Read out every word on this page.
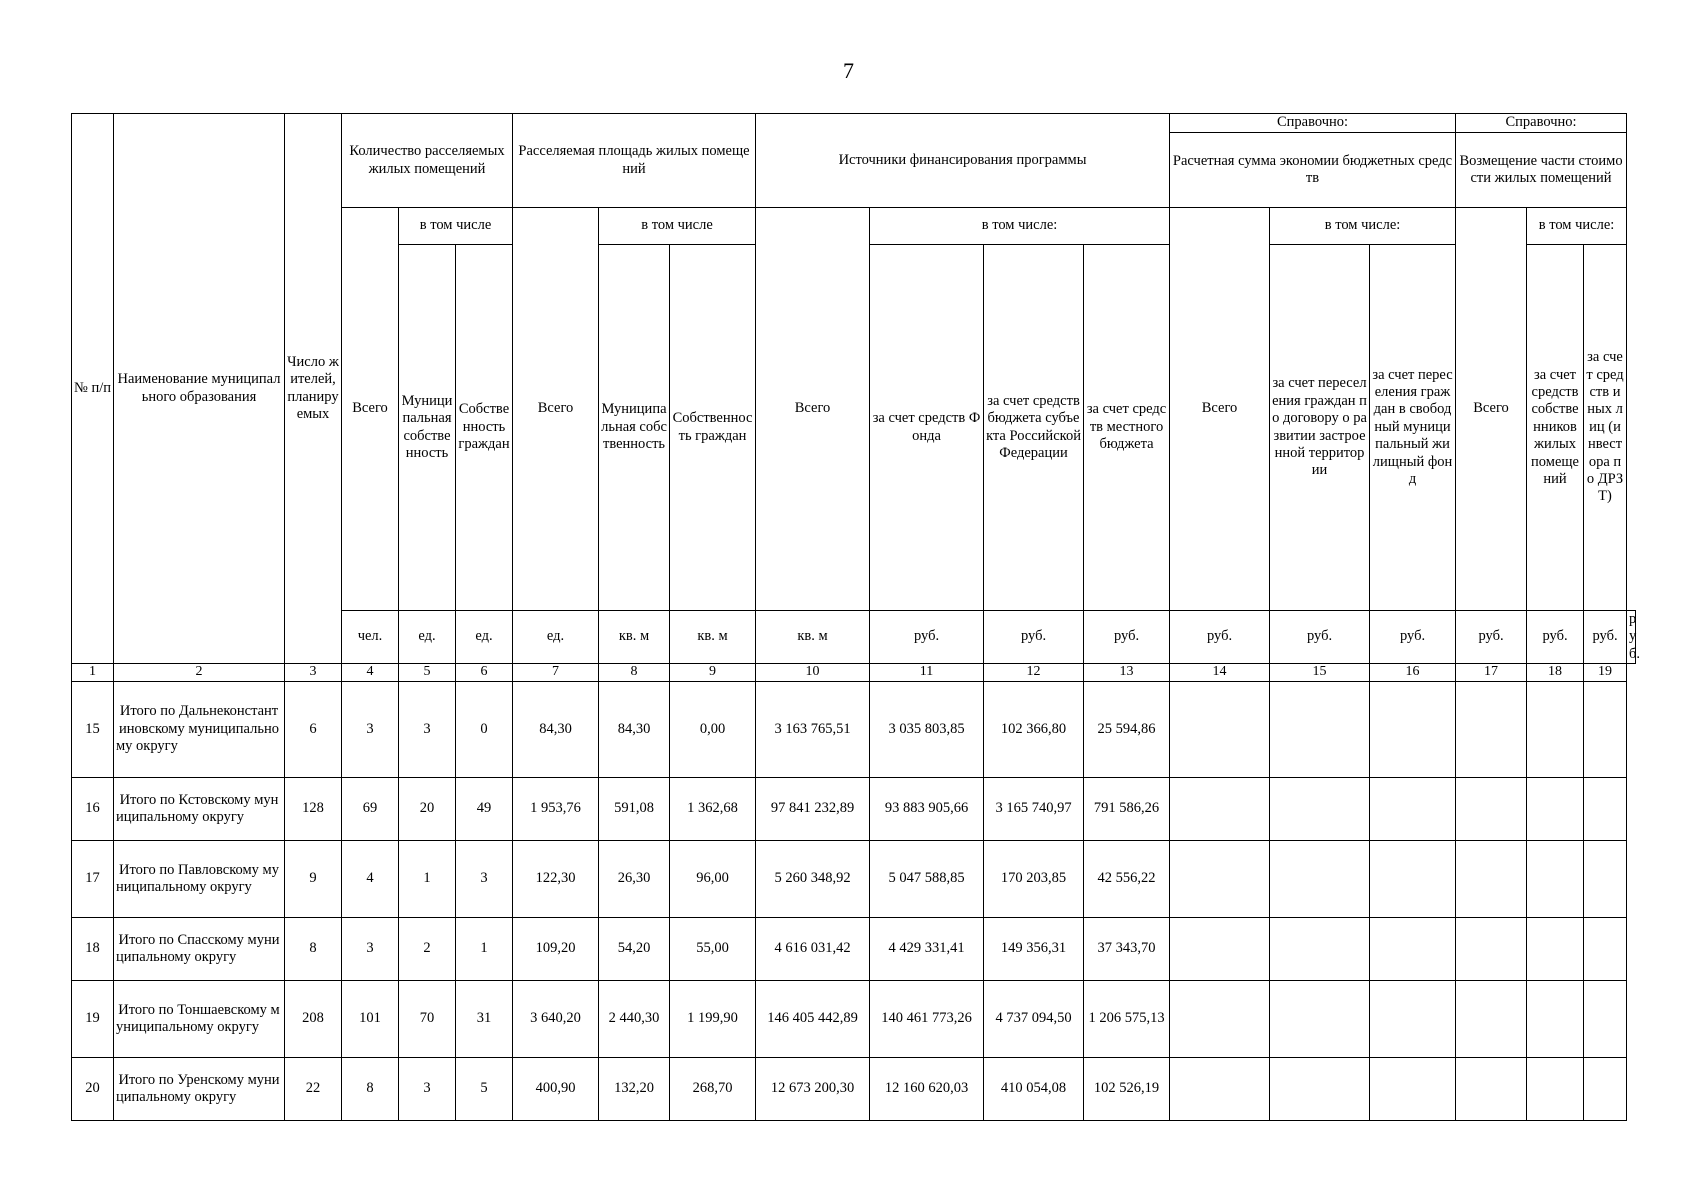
7
№ п/п	Наименование муниципального образования	Число жителей, планируемых	Количество расселяемых жилых помещений			Расселяемая площадь жилых помещений			Источники финансирования программы				Справочно:			Справочно:			
													Расчетная сумма экономии бюджетных средств			Возмещение части стоимости жилых помещений			
			Всего	в том числе		Всего	в том числе		Всего	в том числе:			Всего	в том числе:		Всего	в том числе:		
				Муниципальная собственность	Собственность граждан		Муниципальная собственность	Собственность граждан		за счет средств Фонда	за счет средств бюджета субъекта Российской Федерации	за счет средств местного бюджета		за счет переселения граждан по договору о развитии застроенной территории	за счет переселения граждан в свободный муниципальный жилищный фонд		за счет средств собственников жилых помещений	за счет средств иных лиц (инвестора по ДРЗТ)	
			чел.	ед.	ед.	ед.	кв. м	кв. м	кв. м	руб.	руб.	руб.	руб.	руб.	руб.	руб.	руб.	руб.	руб.
1	2	3	4	5	6	7	8	9	10	11	12	13	14	15	16	17	18	19	
15	Итого по Дальнеконстантиновскому муниципальному округу	6	3	3	0	84,30	84,30	0,00	3 163 765,51	3 035 803,85	102 366,80	25 594,86							
16	Итого по Кстовскому муниципальному округу	128	69	20	49	1 953,76	591,08	1 362,68	97 841 232,89	93 883 905,66	3 165 740,97	791 586,26							
17	Итого по Павловскому муниципальному округу	9	4	1	3	122,30	26,30	96,00	5 260 348,92	5 047 588,85	170 203,85	42 556,22							
18	Итого по Спасскому муниципальному округу	8	3	2	1	109,20	54,20	55,00	4 616 031,42	4 429 331,41	149 356,31	37 343,70							
19	Итого по Тоншаевскому муниципальному округу	208	101	70	31	3 640,20	2 440,30	1 199,90	146 405 442,89	140 461 773,26	4 737 094,50	1 206 575,13							
20	Итого по Уренскому муниципальному округу	22	8	3	5	400,90	132,20	268,70	12 673 200,30	12 160 620,03	410 054,08	102 526,19							
